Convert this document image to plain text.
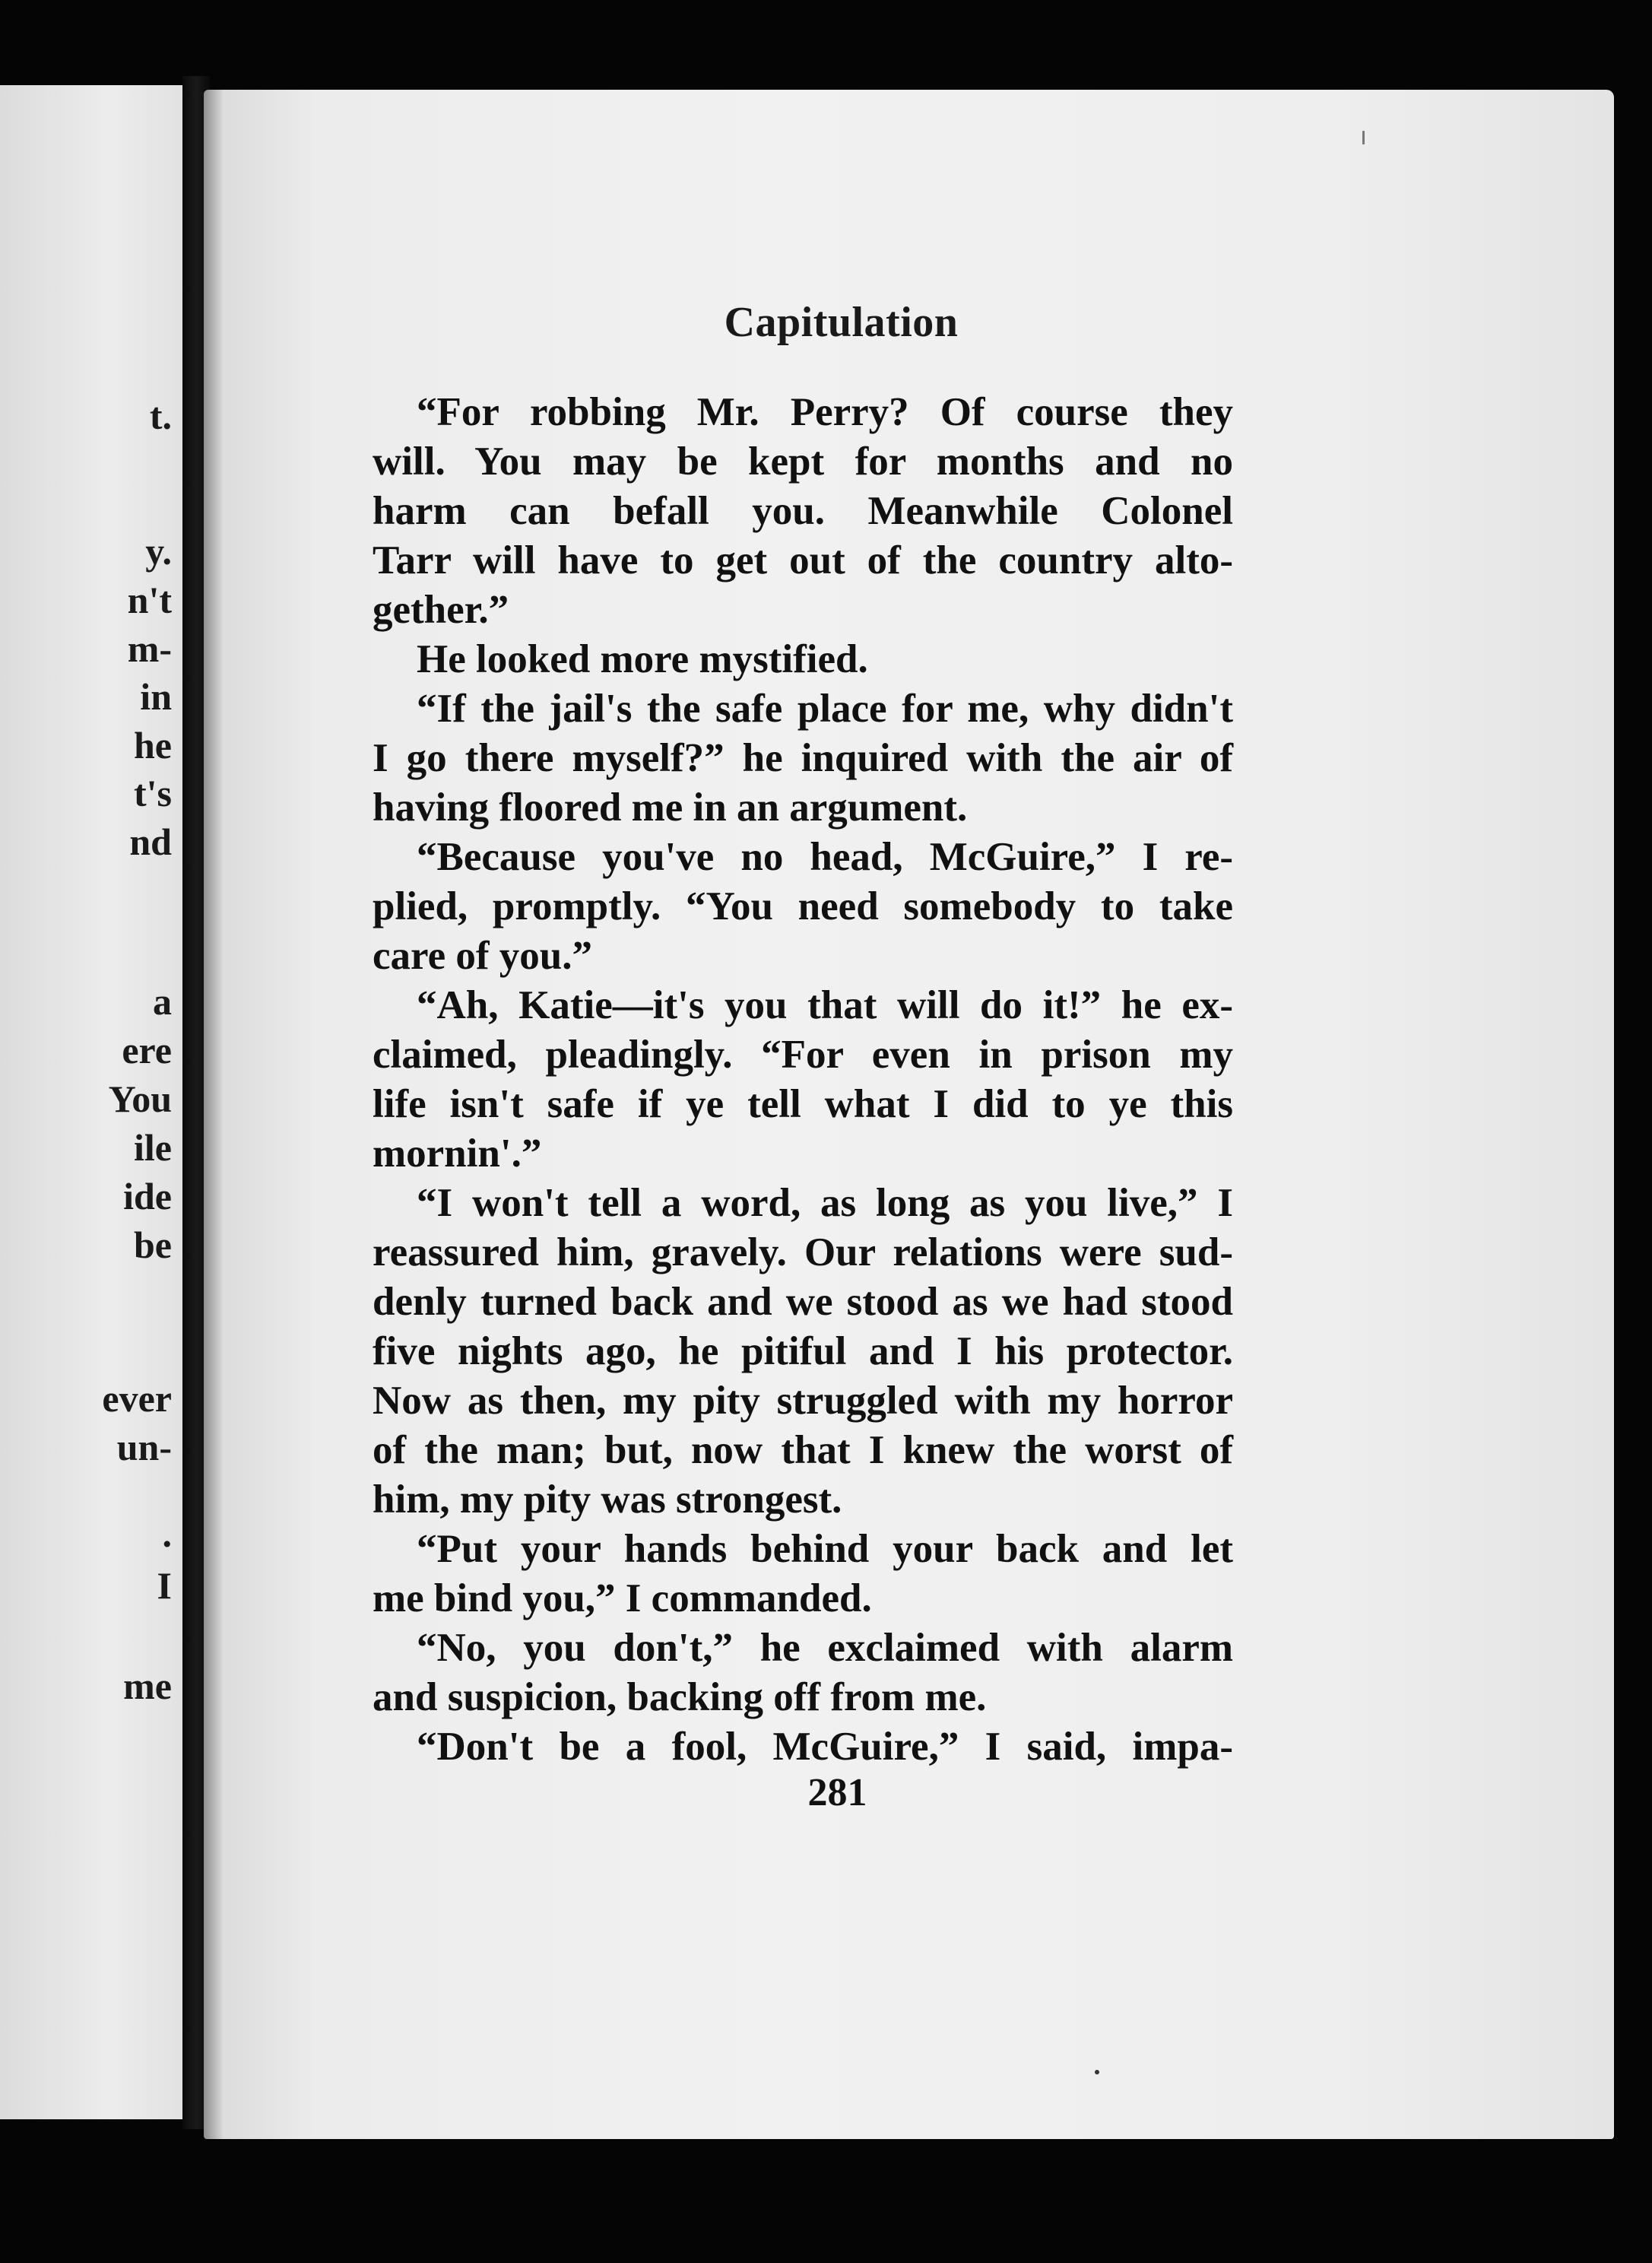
t.
y.
n't
m-
in
he
t's
nd
a
ere
You
ile
ide
be
ever
un-
.
I
me
Capitulation
“For robbing Mr. Perry? Of course they
will. You may be kept for months and no
harm can befall you. Meanwhile Colonel
Tarr will have to get out of the country alto-
gether.”
He looked more mystified.
“If the jail's the safe place for me, why didn't
I go there myself?” he inquired with the air of
having floored me in an argument.
“Because you've no head, McGuire,” I re-
plied, promptly. “You need somebody to take
care of you.”
“Ah, Katie—it's you that will do it!” he ex-
claimed, pleadingly. “For even in prison my
life isn't safe if ye tell what I did to ye this
mornin'.”
“I won't tell a word, as long as you live,” I
reassured him, gravely. Our relations were sud-
denly turned back and we stood as we had stood
five nights ago, he pitiful and I his protector.
Now as then, my pity struggled with my horror
of the man; but, now that I knew the worst of
him, my pity was strongest.
“Put your hands behind your back and let
me bind you,” I commanded.
“No, you don't,” he exclaimed with alarm
and suspicion, backing off from me.
“Don't be a fool, McGuire,” I said, impa-
281
